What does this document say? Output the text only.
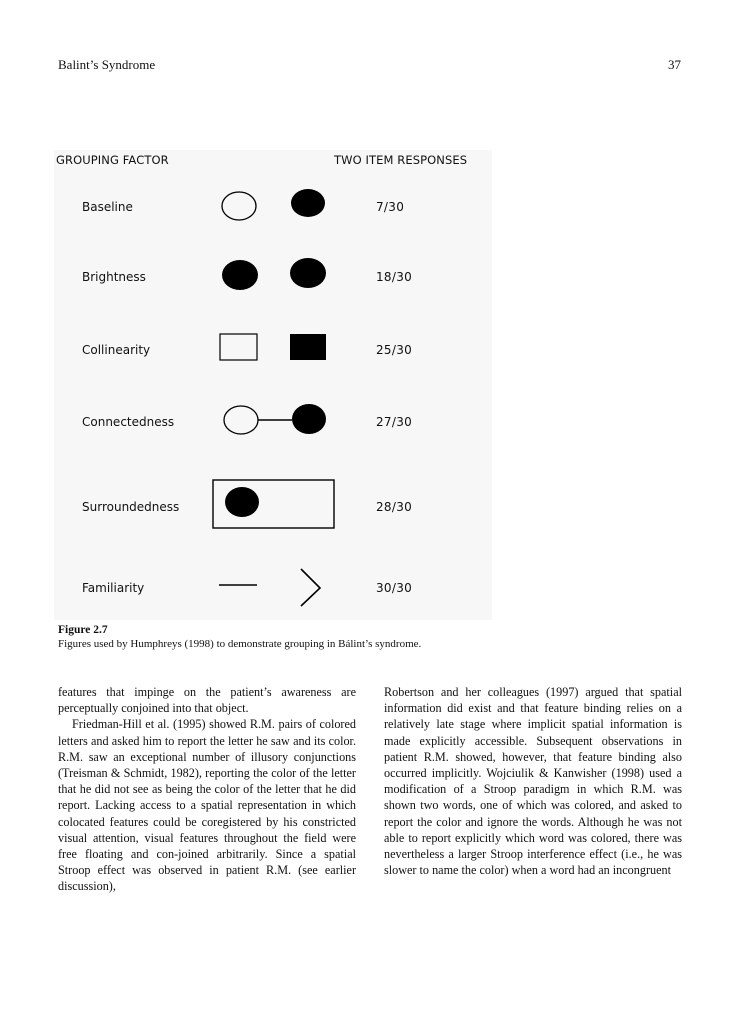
Balint’s Syndrome	37
GROUPING FACTOR	TWO ITEM RESPONSES
Baseline	7/30
Brightness	18/30
Collinearity	25/30
Connectedness	27/30
Surroundedness	28/30
Familiarity	30/30
Figure 2.7
Figures used by Humphreys (1998) to demonstrate grouping in Bálint’s syndrome.

features that impinge on the patient’s awareness are perceptually conjoined into that object.

Friedman-Hill et al. (1995) showed R.M. pairs of colored letters and asked him to report the letter he saw and its color. R.M. saw an exceptional number of illusory conjunctions (Treisman & Schmidt, 1982), reporting the color of the letter that he did not see as being the color of the letter that he did report. Lacking access to a spatial representation in which colocated features could be coregistered by his constricted visual attention, visual features throughout the field were free floating and con-joined arbitrarily. Since a spatial Stroop effect was observed in patient R.M. (see earlier discussion),

Robertson and her colleagues (1997) argued that spatial information did exist and that feature binding relies on a relatively late stage where implicit spatial information is made explicitly accessible. Subsequent observations in patient R.M. showed, however, that feature binding also occurred implicitly. Wojciulik & Kanwisher (1998) used a modification of a Stroop paradigm in which R.M. was shown two words, one of which was colored, and asked to report the color and ignore the words. Although he was not able to report explicitly which word was colored, there was nevertheless a larger Stroop interference effect (i.e., he was slower to name the color) when a word had an incongruent
